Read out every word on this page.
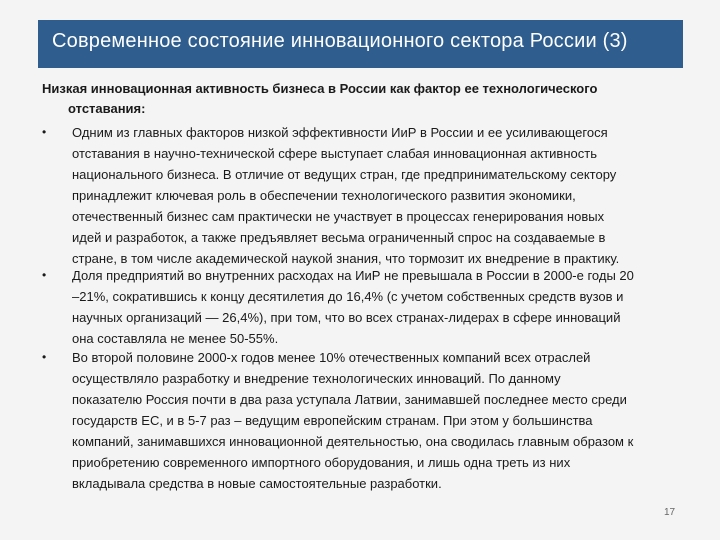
Современное состояние инновационного сектора России (3)

Низкая инновационная активность бизнеса в России как фактор ее технологического
отставания:

• Одним из главных факторов низкой эффективности ИиР в России и ее усиливающегося
отставания в научно-технической сфере выступает слабая инновационная активность
национального бизнеса. В отличие от ведущих стран, где предпринимательскому сектору
принадлежит ключевая роль в обеспечении технологического развития экономики,
отечественный бизнес сам практически не участвует в процессах генерирования новых
идей и разработок, а также предъявляет весьма ограниченный спрос на создаваемые в
стране, в том числе академической наукой знания, что тормозит их внедрение в практику.
• Доля предприятий во внутренних расходах на ИиР не превышала в России в 2000-е годы 20
–21%, сократившись к концу десятилетия до 16,4% (с учетом собственных средств вузов и
научных организаций — 26,4%), при том, что во всех странах-лидерах в сфере инноваций
она составляла не менее 50-55%.
• Во второй половине 2000-х годов менее 10% отечественных компаний всех отраслей
осуществляло разработку и внедрение технологических инноваций. По данному
показателю Россия почти в два раза уступала Латвии, занимавшей последнее место среди
государств ЕС, и в 5-7 раз – ведущим европейским странам. При этом у большинства
компаний, занимавшихся инновационной деятельностью, она сводилась главным образом к
приобретению современного импортного оборудования, и лишь одна треть из них
вкладывала средства в новые самостоятельные разработки.
17
